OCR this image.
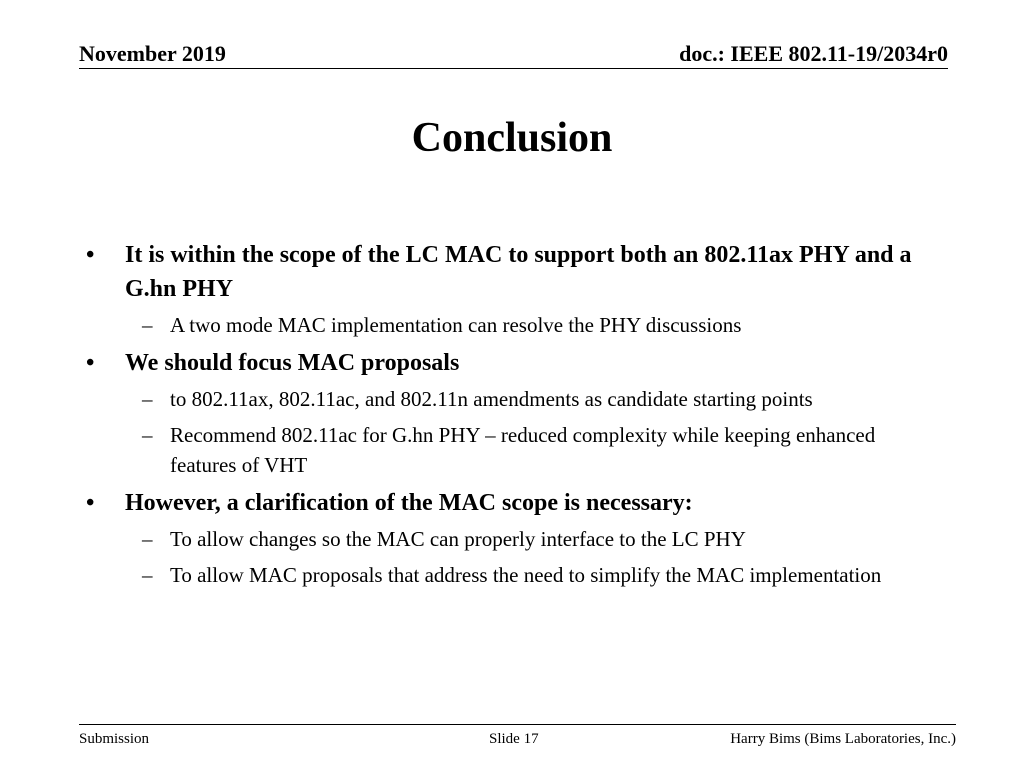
November 2019	doc.: IEEE 802.11-19/2034r0
Conclusion
•	It is within the scope of the LC MAC to support both an 802.11ax PHY and a G.hn PHY
– A two mode MAC implementation can resolve the PHY discussions
•	We should focus MAC proposals
– to 802.11ax, 802.11ac, and 802.11n amendments as candidate starting points
– Recommend 802.11ac for G.hn PHY – reduced complexity while keeping enhanced features of VHT
•	However, a clarification of the MAC scope is necessary:
– To allow changes so the MAC can properly interface to the LC PHY
– To allow MAC proposals that address the need to simplify the MAC implementation
Submission	Slide 17	Harry Bims (Bims Laboratories, Inc.)
